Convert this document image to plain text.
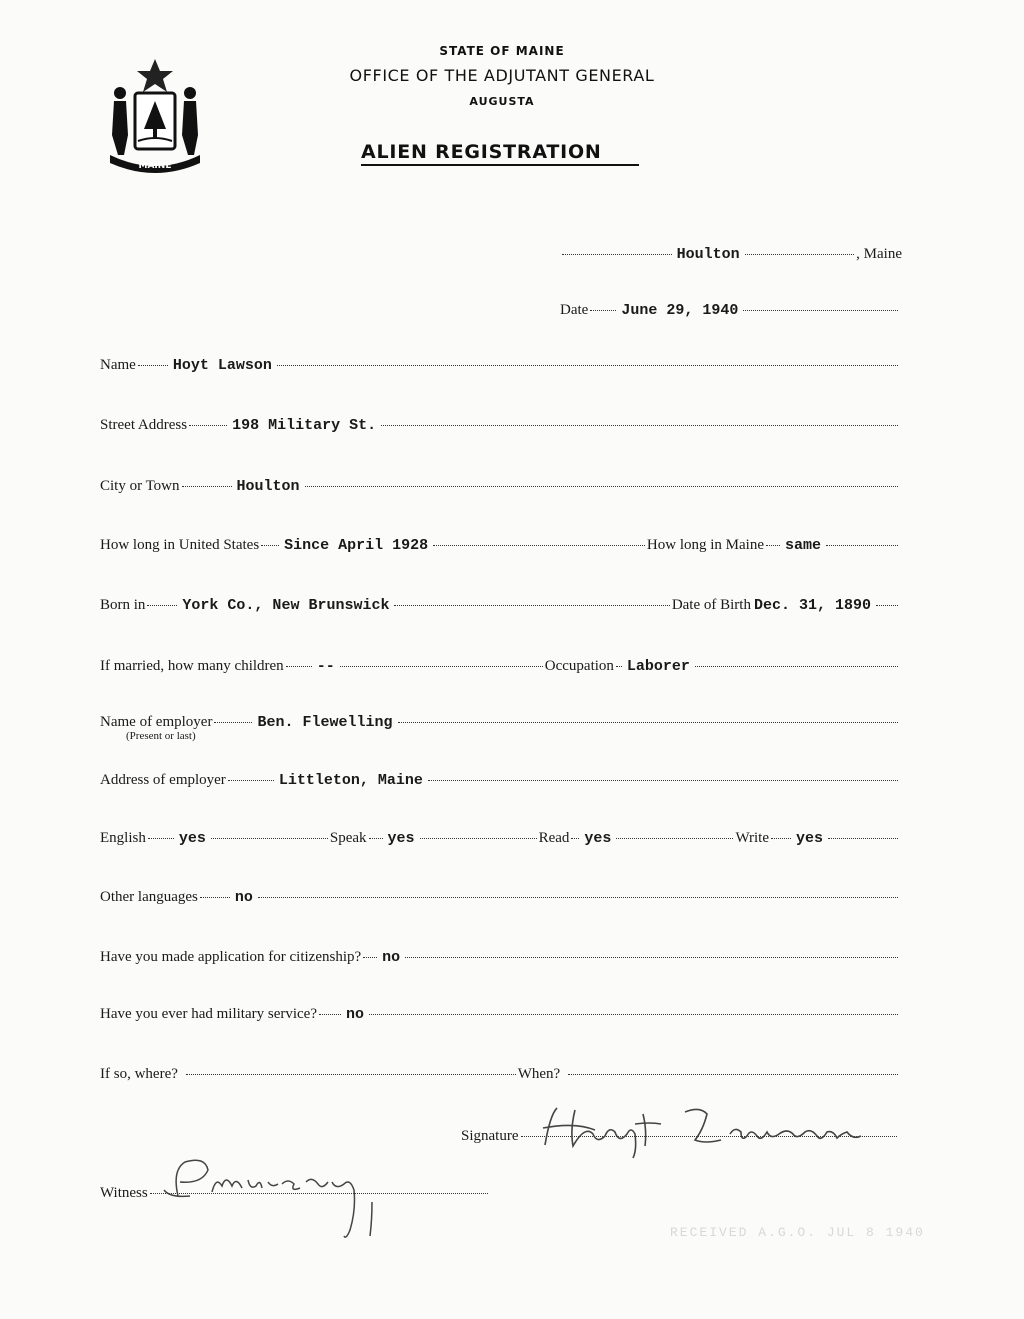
MAINE
STATE OF MAINE
OFFICE OF THE ADJUTANT GENERAL
AUGUSTA
ALIEN REGISTRATION
Houlton	, Maine
Date June 29, 1940
Name Hoyt Lawson
Street Address	198 Military St.
City or Town	Houlton
How long in United States Since April 1928	How long in Maine same
Born in York Co., New Brunswick	Date of Birth Dec. 31, 1890
If married, how many children --	Occupation Laborer
Name of employer	Ben. Flewelling
(Present or last)
Address of employer	Littleton, Maine
English yes	Speak yes	Read yes	Write yes
Other languages no
Have you made application for citizenship? no
Have you ever had military service? no
If so, where?	When?
Signature
Witness
RECEIVED A.G.O. JUL 8 1940
